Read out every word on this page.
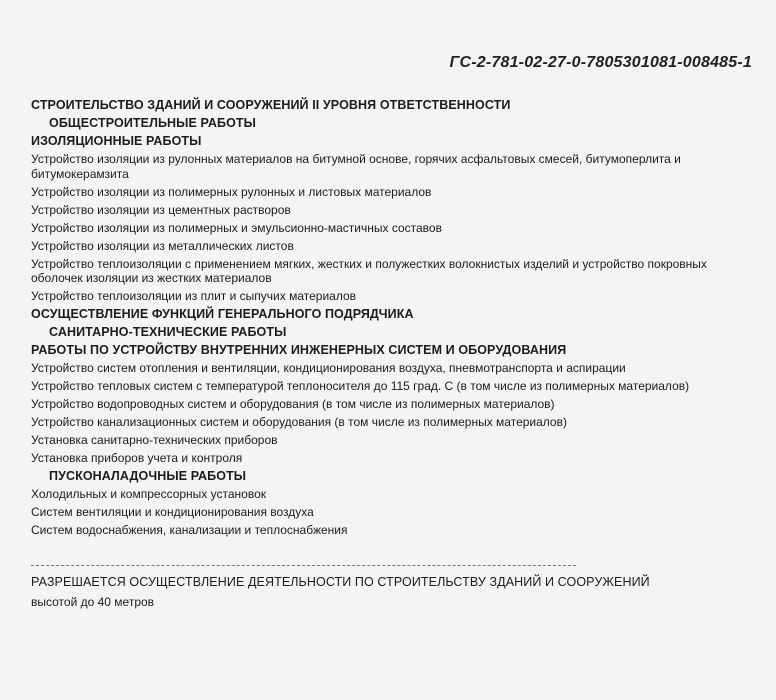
ГС-2-781-02-27-0-7805301081-008485-1
СТРОИТЕЛЬСТВО ЗДАНИЙ И СООРУЖЕНИЙ II УРОВНЯ ОТВЕТСТВЕННОСТИ
ОБЩЕСТРОИТЕЛЬНЫЕ РАБОТЫ
ИЗОЛЯЦИОННЫЕ РАБОТЫ
Устройство изоляции из рулонных материалов на битумной основе, горячих асфальтовых смесей, битумоперлита и битумокерамзита
Устройство изоляции из полимерных рулонных и листовых материалов
Устройство изоляции из цементных растворов
Устройство изоляции из полимерных и эмульсионно-мастичных составов
Устройство изоляции из металлических листов
Устройство теплоизоляции с применением мягких, жестких и полужестких волокнистых изделий и устройство покровных оболочек изоляции из жестких материалов
Устройство теплоизоляции из плит и сыпучих материалов
ОСУЩЕСТВЛЕНИЕ ФУНКЦИЙ ГЕНЕРАЛЬНОГО ПОДРЯДЧИКА
САНИТАРНО-ТЕХНИЧЕСКИЕ РАБОТЫ
РАБОТЫ ПО УСТРОЙСТВУ ВНУТРЕННИХ ИНЖЕНЕРНЫХ СИСТЕМ И ОБОРУДОВАНИЯ
Устройство систем отопления и вентиляции, кондиционирования воздуха, пневмотранспорта и аспирации
Устройство тепловых систем с температурой теплоносителя до 115 град. С (в том числе из полимерных материалов)
Устройство водопроводных систем и оборудования (в том числе из полимерных материалов)
Устройство канализационных систем и оборудования (в том числе из полимерных материалов)
Установка санитарно-технических приборов
Установка приборов учета и контроля
ПУСКОНАЛАДОЧНЫЕ РАБОТЫ
Холодильных и компрессорных установок
Систем вентиляции и кондиционирования воздуха
Систем водоснабжения, канализации и теплоснабжения
РАЗРЕШАЕТСЯ ОСУЩЕСТВЛЕНИЕ ДЕЯТЕЛЬНОСТИ ПО СТРОИТЕЛЬСТВУ ЗДАНИЙ И СООРУЖЕНИЙ
высотой до 40 метров
